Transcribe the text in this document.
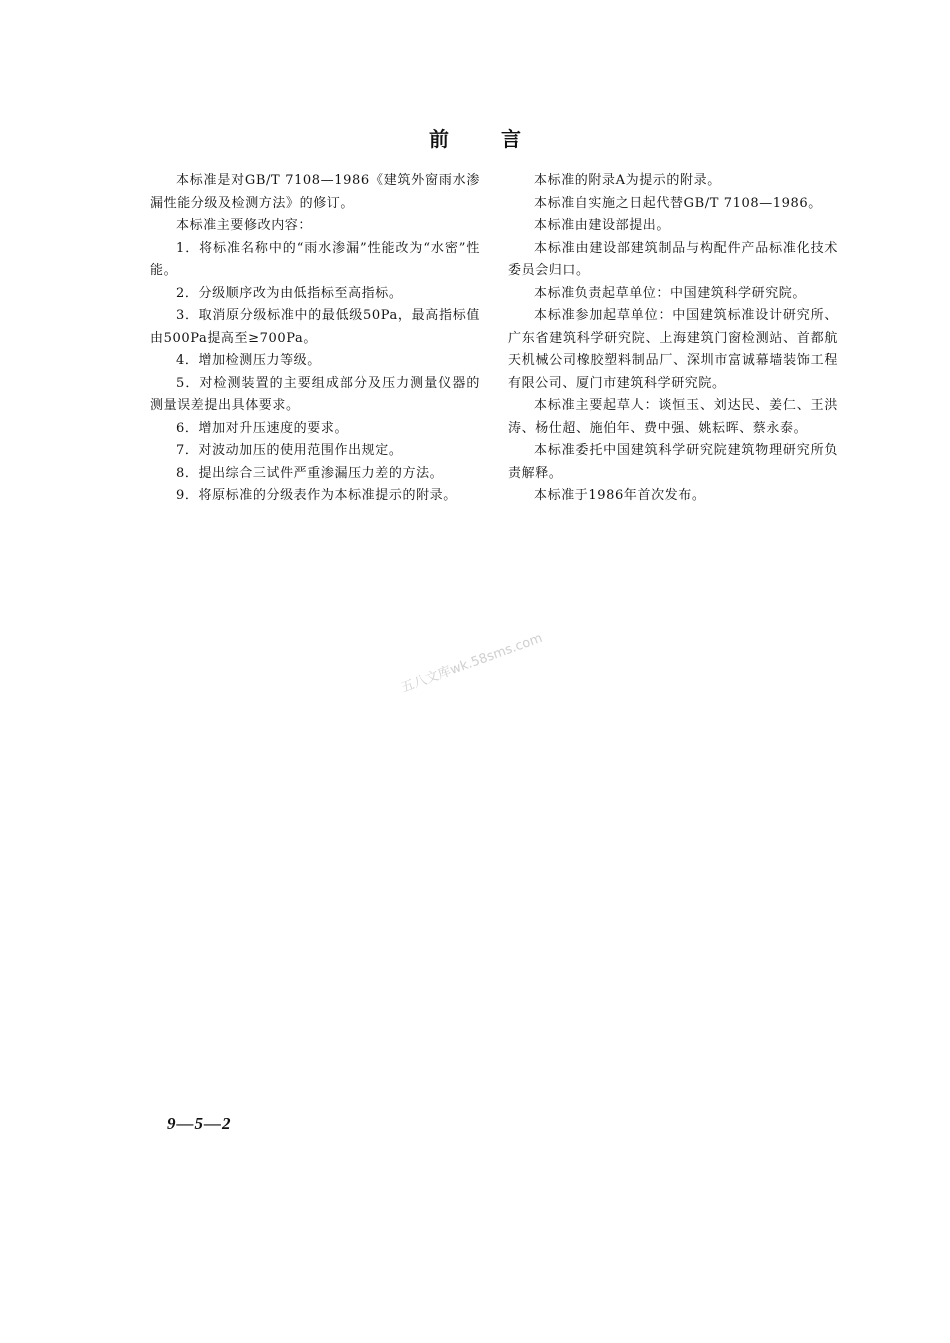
前言

本标准是对GB/T 7108—1986《建筑外窗雨水渗漏性能分级及检测方法》的修订。

本标准主要修改内容：

1．将标准名称中的“雨水渗漏”性能改为“水密”性能。

2．分级顺序改为由低指标至高指标。

3．取消原分级标准中的最低级50Pa，最高指标值由500Pa提高至≥700Pa。

4．增加检测压力等级。

5．对检测装置的主要组成部分及压力测量仪器的测量误差提出具体要求。

6．增加对升压速度的要求。

7．对波动加压的使用范围作出规定。

8．提出综合三试件严重渗漏压力差的方法。

9．将原标准的分级表作为本标准提示的附录。

本标准的附录A为提示的附录。

本标准自实施之日起代替GB/T 7108—1986。

本标准由建设部提出。

本标准由建设部建筑制品与构配件产品标准化技术委员会归口。

本标准负责起草单位：中国建筑科学研究院。

本标准参加起草单位：中国建筑标准设计研究所、广东省建筑科学研究院、上海建筑门窗检测站、首都航天机械公司橡胶塑料制品厂、深圳市富诚幕墙装饰工程有限公司、厦门市建筑科学研究院。

本标准主要起草人：谈恒玉、刘达民、姜仁、王洪涛、杨仕超、施伯年、费中强、姚耘晖、蔡永泰。

本标准委托中国建筑科学研究院建筑物理研究所负责解释。

本标准于1986年首次发布。

五八文库wk.58sms.com
9—5—2
